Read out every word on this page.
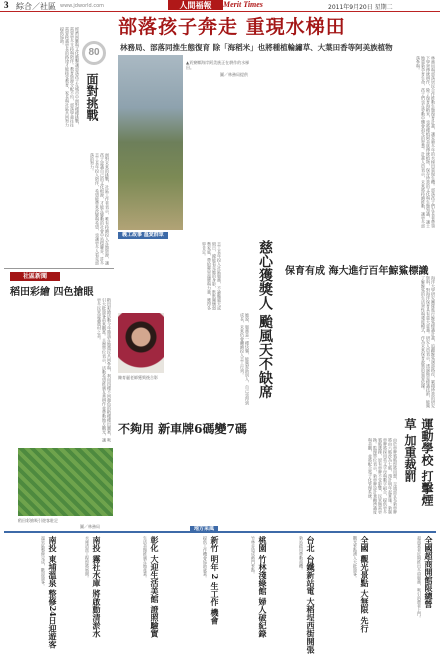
3 綜合／社區 www.jdworld.com	人間福報	Merit Times	2011年9月20日 星期二
80
面對挑戰
經濟困難與文化衝擊讓部落孩子在城市中面對種種挑戰，需要更多支持與陪伴。教育資源分配不均，部落學童往往需要跨越更長的路途才能接受教育，家長與社區共同努力提供協助。
面對未來的挑戰，社區工作者表示，唯有持續投入在地資源，讓孩子認識自己的文化根源，才能在變動的社會中站穩腳步。許多志工長年投入陪伴，希望能帶來改變與希望，也讓更多人看見部落的努力。
社區新聞
稻田彩繪 四色搶眼
稻田彩繪活動今年邀請在地農民共同參與，利用四種不同顏色的稻種種出圖案，吸引大批遊客前來觀賞。主辦單位表示，活動希望推廣友善耕作並帶動地方觀光，讓更多民眾認識農村之美。
稻田彩繪吸引遊客駐足
圖／林務局
部落孩子奔走 重現水梯田
林務局、部落同推生態復育 除「海稻米」也將種植輪繡草、大葉田香等阿美族植物
▲貢寮鄉海岸阿美族正在耕作的水梯田。
圖／林務局提供	林務局與部落居民合作推動生態復育計畫，讓荒廢多年的水梯田重現生機。部落孩子們在長者帶領下學習傳統耕作，除了復育海稻米，也將種植阿美族傳統植物，保存珍貴的文化與生態知識，讓土地重新孕育生命，孩子們也在勞動中體會祖先的智慧。計畫人員表示，未來將持續推動，讓更多部落參與。
義工故事 溫愛群眾
志工長年投入社區服務，不論颱風天或假日，總能看見她的身影，默默關懷弱勢家庭，帶給鄰里溫暖與力量，獲得各界肯定。	慈心獲獎人 颱風天不缺席
陳育麗老師獲獎後合影	她說，服務是一種快樂，能夠幫助別人，自己也得到成長，未來仍會繼續投入志工行列。
保育有成 海大進行百年鯨鯊標識
海洋大學研究團隊進行鯨鯊標識計畫，追蹤鯨鯊洄游路徑，累積珍貴的研究資料，對海洋保育具有重大意義。研究人員表示，透過衛星標識技術，能夠了解鯨鯊的生活習性與遷徙模式，作為未來保育政策的重要依據。
不夠用 新車牌6碼變7碼
由於車牌號碼即將用罄，交通部宣布新車牌將由六碼改為七碼，預計明年起實施。新制車牌將採用英文字母與數字組合，提供更多號碼選擇，原有車牌不受影響，民眾無需更換。監理單位表示，新車牌設計兼顧辨識度與美觀，並將配合電子化管理系統。	運動學校 打擊煙草 加重裁罰
地方采風
全國超商開館限總營
超商業者近期推出多項服務，吸引消費者上門。
全國 觀光景點 大無限 先行
觀光景點湧入大批遊客。
台北 台鐵新站電 大稻埕西街開張
新站啟用帶動商機。
桃園 竹林淺綠館 婦人破紀錄
竹林步道成熱門景點。
新竹 明年 2 生工作 機會
提供工作機會協助就業。
彰化 大迎生活美館 證照驗實
生活美館推廣在地產業。
南投 霧社水庫 將啟動清淤水
水庫清淤工程即將展開。
南投 東埔溫泉 整修24日迎遊客
溫泉區整修完成，歡迎遊客。
